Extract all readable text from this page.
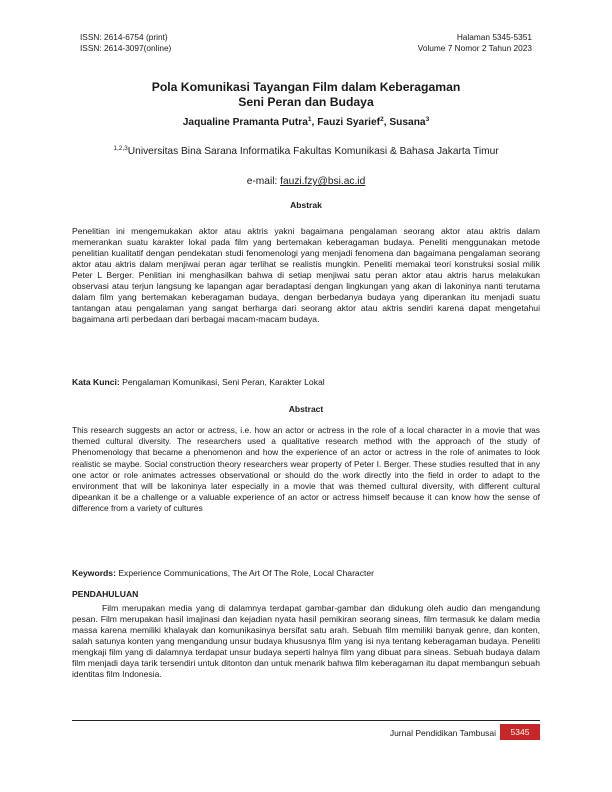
ISSN: 2614-6754 (print)
ISSN: 2614-3097(online)
Halaman 5345-5351
Volume 7 Nomor 2 Tahun 2023
Pola Komunikasi Tayangan Film dalam Keberagaman
Seni Peran dan Budaya
Jaqualine Pramanta Putra$^1$, Fauzi Syarief$^2$, Susana$^3$
$^{1,2,3}$Universitas Bina Sarana Informatika Fakultas Komunikasi & Bahasa Jakarta Timur
e-mail: fauzi.fzy@bsi.ac.id
Abstrak

Penelitian ini mengemukakan aktor atau aktris yakni bagaimana pengalaman seorang aktor atau aktris dalam memerankan suatu karakter lokal pada film yang bertemakan keberagaman budaya. Peneliti menggunakan metode penelitian kualitatif dengan pendekatan studi fenomenologi yang menjadi fenomena dan bagaimana pengalaman seorang aktor atau aktris dalam menjiwai peran agar terlihat se realistis mungkin. Peneliti memakai teori konstruksi sosial milik Peter L Berger. Penlitian ini menghasilkan bahwa di setiap menjiwai satu peran aktor atau aktris harus melakukan observasi atau terjun langsung ke lapangan agar beradaptasi dengan lingkungan yang akan di lakoninya nanti terutama dalam film yang bertemakan keberagaman budaya, dengan berbedanya budaya yang diperankan itu menjadi suatu tantangan atau pengalaman yang sangat berharga dari seorang aktor atau aktris sendiri karena dapat mengetahui bagaimana arti perbedaan dari berbagai macam-macam budaya.

Kata Kunci: Pengalaman Komunikasi, Seni Peran, Karakter Lokal
Abstract

This research suggests an actor or actress, i.e. how an actor or actress in the role of a local character in a movie that was themed cultural diversity. The researchers used a qualitative research method with the approach of the study of Phenomenology that became a phenomenon and how the experience of an actor or actress in the role of animates to look realistic se maybe. Social construction theory researchers wear property of Peter I. Berger. These studies resulted that in any one actor or role animates actresses observational or should do the work directly into the field in order to adapt to the environment that will be lakoninya later especially in a movie that was themed cultural diversity, with different cultural dipeankan it be a challenge or a valuable experience of an actor or actress himself because it can know how the sense of difference from a variety of cultures

Keywords: Experience Communications, The Art Of The Role, Local Character
PENDAHULUAN

Film merupakan media yang di dalamnya terdapat gambar-gambar dan didukung oleh audio dan mengandung pesan. Film merupakan hasil imajinasi dan kejadian nyata hasil pemikiran seorang sineas, film termasuk ke dalam media massa karena memiliki khalayak dan komunikasinya bersifat satu arah. Sebuah film memiliki banyak genre, dan konten, salah satunya konten yang mengandung unsur budaya khususnya film yang isi nya tentang keberagaman budaya. Peneliti mengkaji film yang di dalamnya terdapat unsur budaya seperti halnya film yang dibuat para sineas. Sebuah budaya dalam film menjadi daya tarik tersendiri untuk ditonton dan untuk menarik bahwa film keberagaman itu dapat membangun sebuah identitas film Indonesia.

Jurnal Pendidikan Tambusai	5345
